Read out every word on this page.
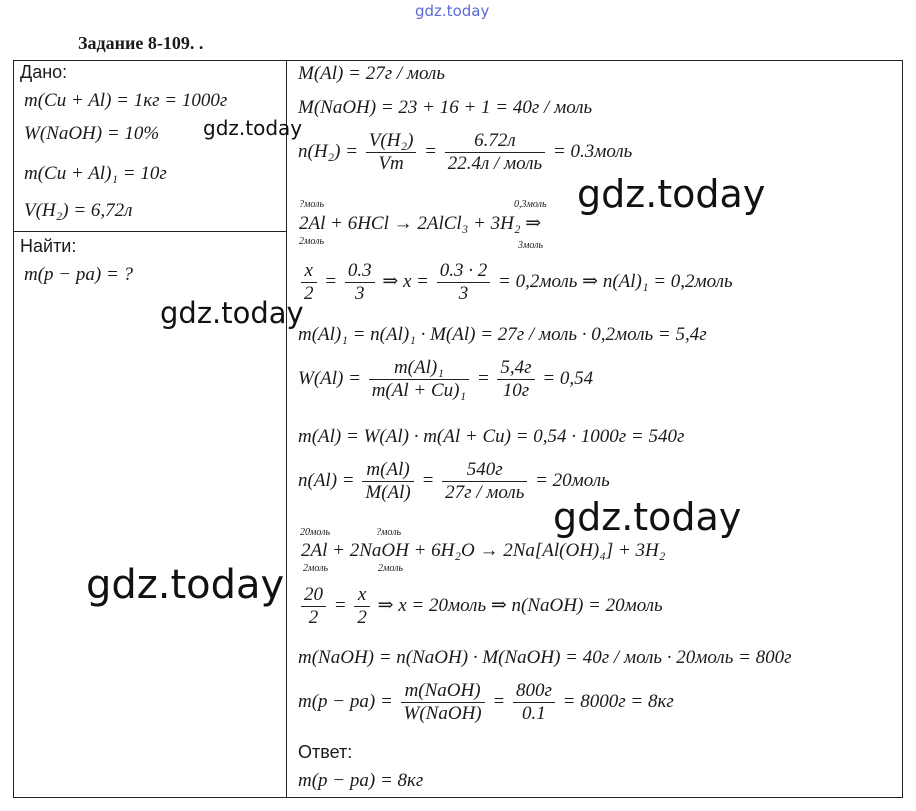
gdz.today
Задание 8-109. .
Дано:
m(Cu + Al) = 1кг = 1000г
W(NaOH) = 10%
m(Cu + Al)₁ = 10г
V(H₂) = 6,72л
Найти:
m(p − pa) = ?
M(Al) = 27г / моль
M(NaOH) = 23 + 16 + 1 = 40г / моль
$n(H_2) = \frac{\text{V(H₂)}}{Vm}$ =
6.72л
22.4л / моль
= 0.3моль
?моль	0,3моль
2Al + 6HCl → 2AlCl₃ + 3H₂ ⇒
2моль	3моль
$\frac{x}{2} = \frac{0.3}{3}$ ⇒ $x = \frac{0.3 \cdot 2}{3}$ = 0,2моль ⇒ n(Al)₁ = 0,2моль
m(Al)₁ = n(Al)₁ · M(Al) = 27г / моль · 0,2моль = 5,4г
$W(Al) = \frac{\text{m(Al)₁}}{\text{m(Al + Cu)₁}}$ =
5,4г
10г
= 0,54
m(Al) = W(Al) · m(Al + Cu) = 0,54 · 1000г = 540г
$n(Al) = \frac{m(Al)}{M(Al)}$ =
540г
27г / моль
= 20моль
20моль	?моль
2Al + 2NaOH + 6H₂O → 2Na[Al(OH)₄] + 3H₂
2моль	2моль
$\frac{20}{2} = \frac{x}{2}$ ⇒ x = 20моль ⇒ n(NaOH) = 20моль
m(NaOH) = n(NaOH) · M(NaOH) = 40г / моль · 20моль = 800г
m(p − pa) =
m(NaOH)
W(NaOH)
=
800г
0.1
= 8000г = 8кг
Ответ:
m(p − pa) = 8кг
gdz.today
gdz.today
gdz.today
gdz.today
gdz.today
